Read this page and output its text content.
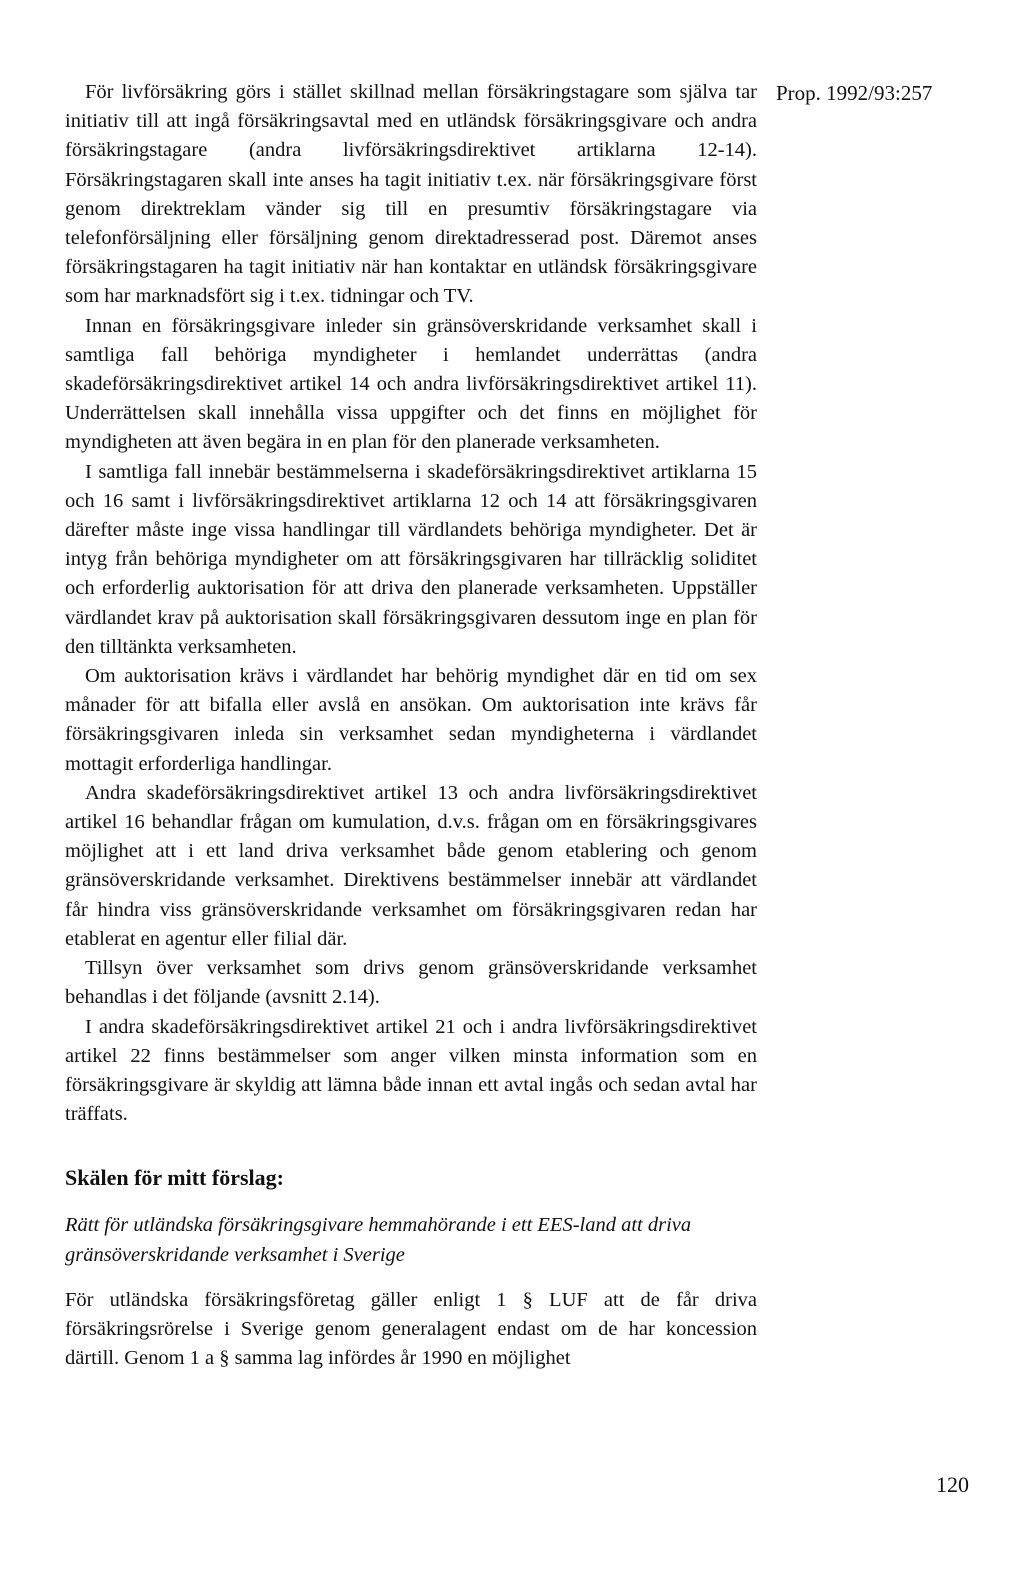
Prop. 1992/93:257

För livförsäkring görs i stället skillnad mellan försäkringstagare som själva tar initiativ till att ingå försäkringsavtal med en utländsk försäkringsgivare och andra försäkringstagare (andra livförsäkringsdirektivet artiklarna 12-14). Försäkringstagaren skall inte anses ha tagit initiativ t.ex. när försäkringsgivare först genom direktreklam vänder sig till en presumtiv försäkringstagare via telefonförsäljning eller försäljning genom direktadresserad post. Däremot anses försäkringstagaren ha tagit initiativ när han kontaktar en utländsk försäkringsgivare som har marknadsfört sig i t.ex. tidningar och TV.

Innan en försäkringsgivare inleder sin gränsöverskridande verksamhet skall i samtliga fall behöriga myndigheter i hemlandet underrättas (andra skadeförsäkringsdirektivet artikel 14 och andra livförsäkringsdirektivet artikel 11). Underrättelsen skall innehålla vissa uppgifter och det finns en möjlighet för myndigheten att även begära in en plan för den planerade verksamheten.

I samtliga fall innebär bestämmelserna i skadeförsäkringsdirektivet artiklarna 15 och 16 samt i livförsäkringsdirektivet artiklarna 12 och 14 att försäkringsgivaren därefter måste inge vissa handlingar till värdlandets behöriga myndigheter. Det är intyg från behöriga myndigheter om att försäkringsgivaren har tillräcklig soliditet och erforderlig auktorisation för att driva den planerade verksamheten. Uppställer värdlandet krav på auktorisation skall försäkringsgivaren dessutom inge en plan för den tilltänkta verksamheten.

Om auktorisation krävs i värdlandet har behörig myndighet där en tid om sex månader för att bifalla eller avslå en ansökan. Om auktorisation inte krävs får försäkringsgivaren inleda sin verksamhet sedan myndigheterna i värdlandet mottagit erforderliga handlingar.

Andra skadeförsäkringsdirektivet artikel 13 och andra livförsäkringsdirektivet artikel 16 behandlar frågan om kumulation, d.v.s. frågan om en försäkringsgivares möjlighet att i ett land driva verksamhet både genom etablering och genom gränsöverskridande verksamhet. Direktivens bestämmelser innebär att värdlandet får hindra viss gränsöverskridande verksamhet om försäkringsgivaren redan har etablerat en agentur eller filial där.

Tillsyn över verksamhet som drivs genom gränsöverskridande verksamhet behandlas i det följande (avsnitt 2.14).

I andra skadeförsäkringsdirektivet artikel 21 och i andra livförsäkringsdirektivet artikel 22 finns bestämmelser som anger vilken minsta information som en försäkringsgivare är skyldig att lämna både innan ett avtal ingås och sedan avtal har träffats.

Skälen för mitt förslag:
Rätt för utländska försäkringsgivare hemmahörande i ett EES-land att driva gränsöverskridande verksamhet i Sverige

För utländska försäkringsföretag gäller enligt 1 § LUF att de får driva försäkringsrörelse i Sverige genom generalagent endast om de har koncession därtill. Genom 1 a § samma lag infördes år 1990 en möjlighet

120
